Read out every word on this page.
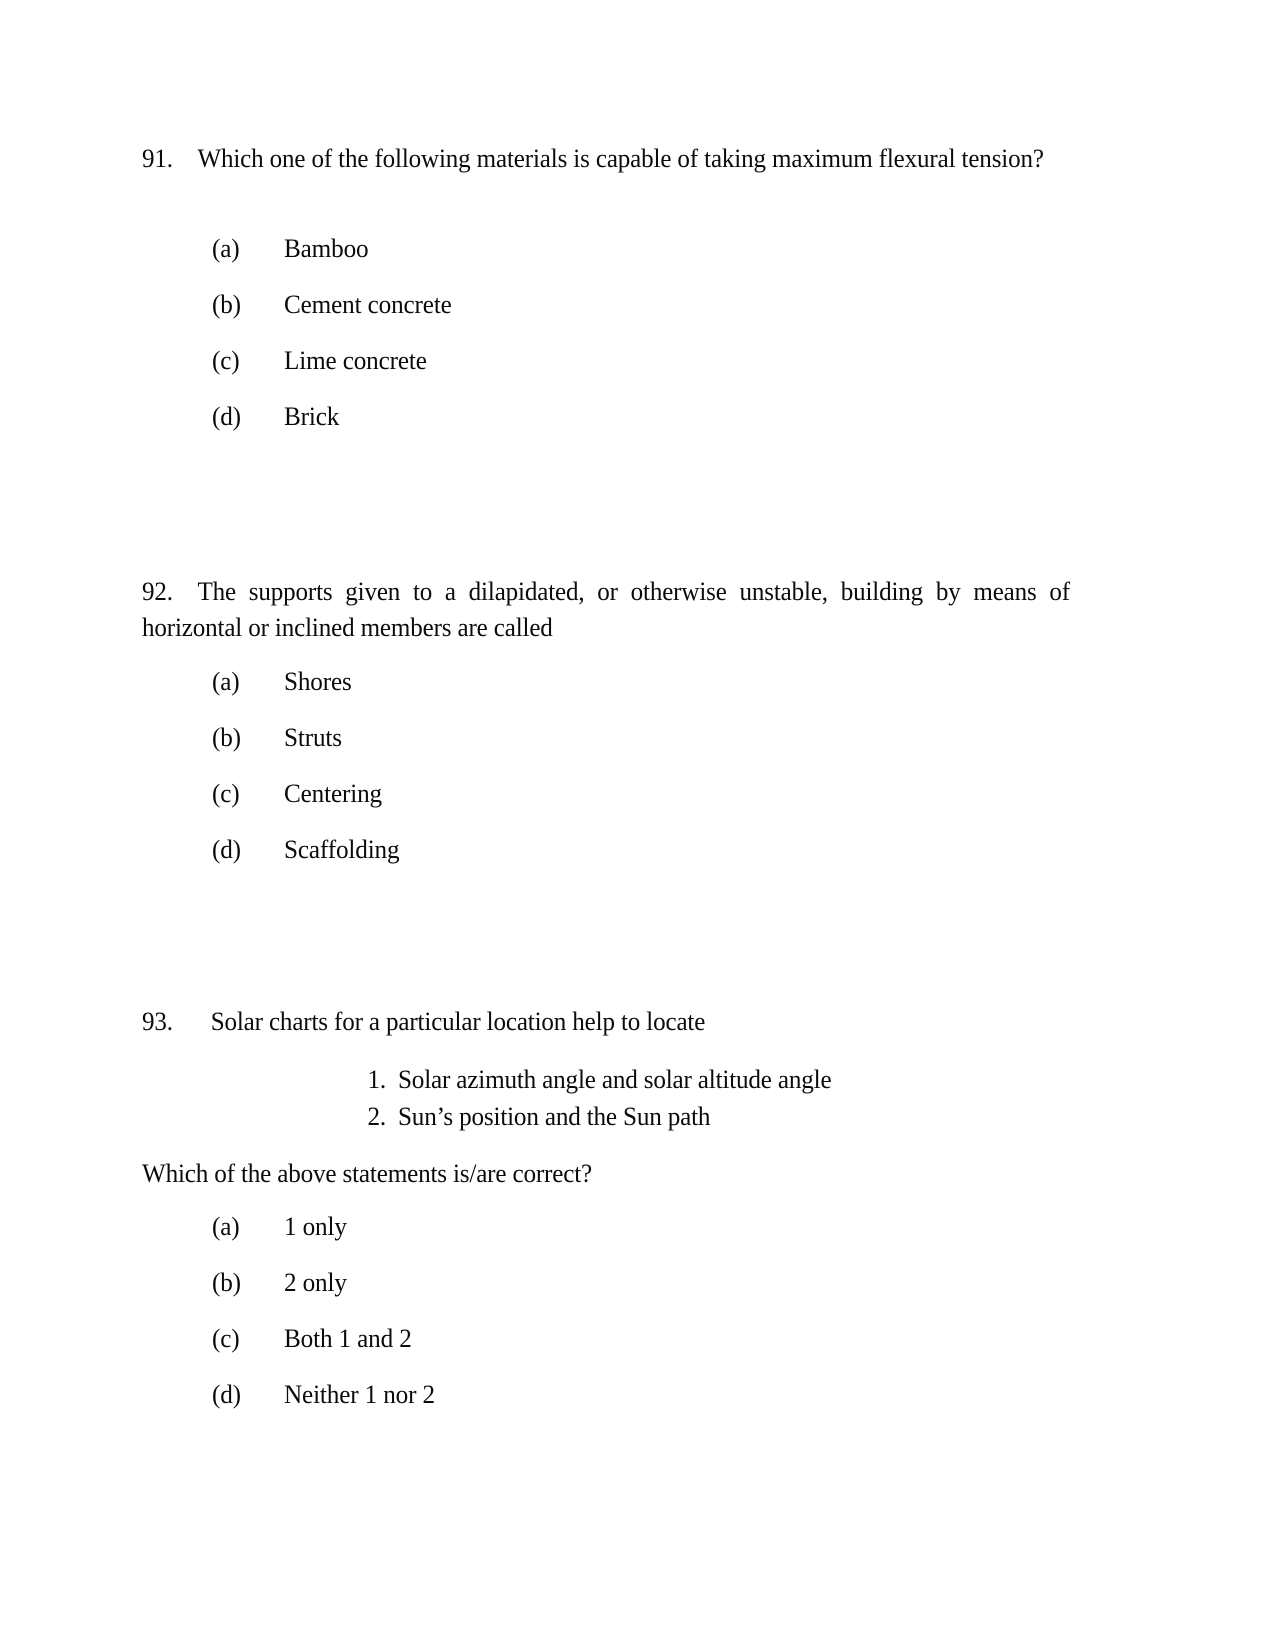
91. Which one of the following materials is capable of taking maximum flexural tension?
(a) Bamboo
(b) Cement concrete
(c) Lime concrete
(d) Brick
92. The supports given to a dilapidated, or otherwise unstable, building by means of horizontal or inclined members are called
(a) Shores
(b) Struts
(c) Centering
(d) Scaffolding
93. Solar charts for a particular location help to locate
1. Solar azimuth angle and solar altitude angle
2. Sun’s position and the Sun path
Which of the above statements is/are correct?
(a) 1 only
(b) 2 only
(c) Both 1 and 2
(d) Neither 1 nor 2
